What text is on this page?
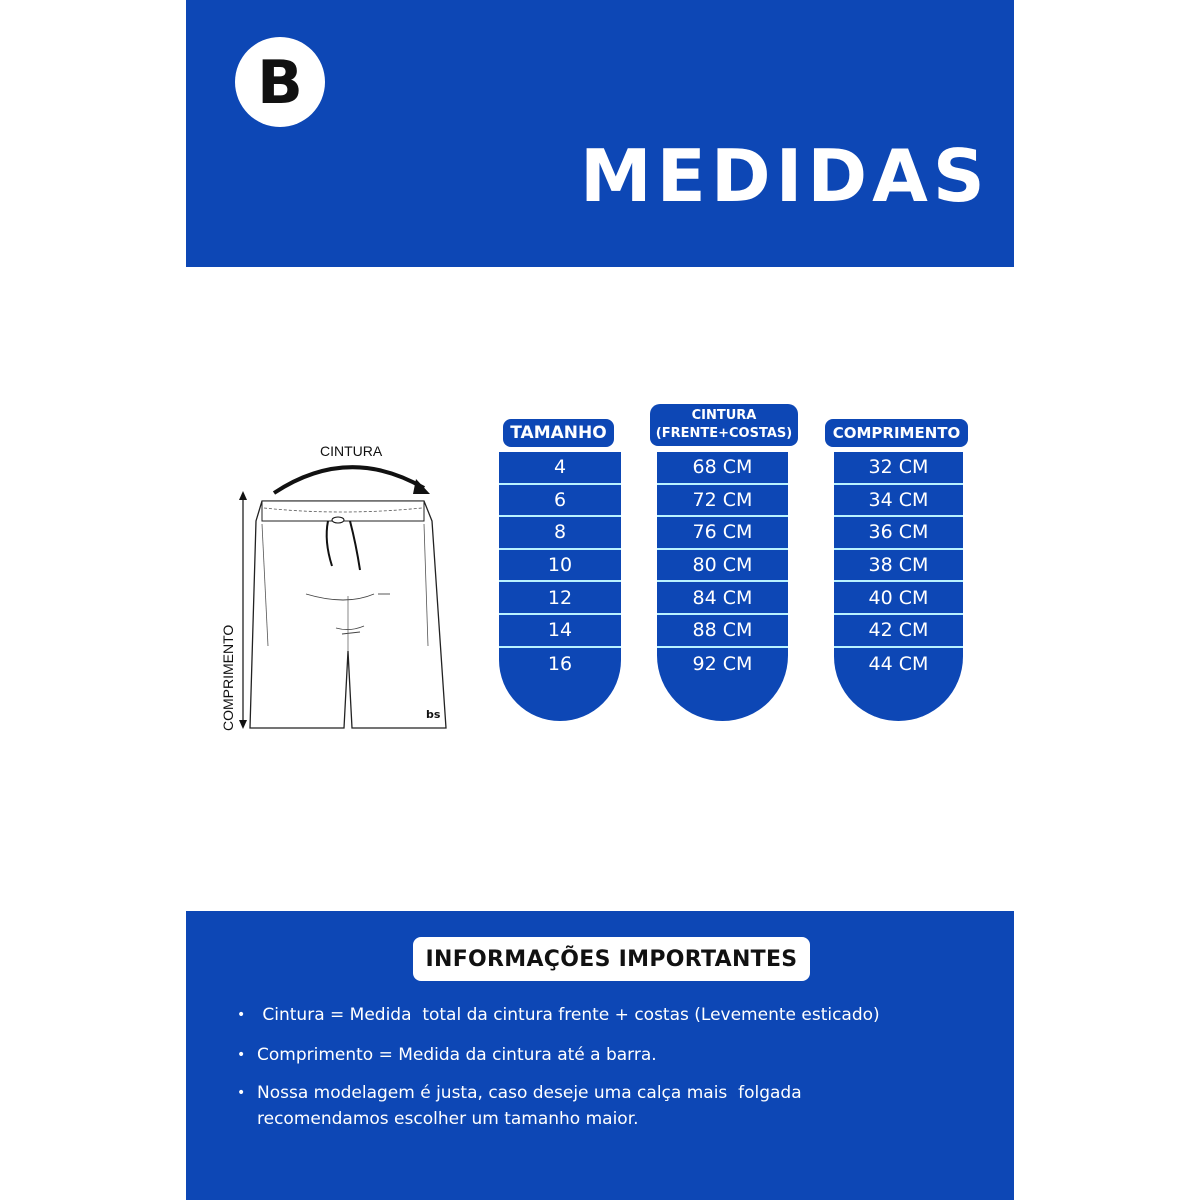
B
MEDIDAS
CINTURA
COMPRIMENTO	bs
TAMANHO
4
6
8
10
12
14
16
CINTURA
(FRENTE+COSTAS)
68 CM
72 CM
76 CM
80 CM
84 CM
88 CM
92 CM
COMPRIMENTO
32 CM
34 CM
36 CM
38 CM
40 CM
42 CM
44 CM
INFORMAÇÕES IMPORTANTES
• Cintura = Medida  total da cintura frente + costas (Levemente esticado)
• Comprimento = Medida da cintura até a barra.
• Nossa modelagem é justa, caso deseje uma calça mais  folgada
recomendamos escolher um tamanho maior.
